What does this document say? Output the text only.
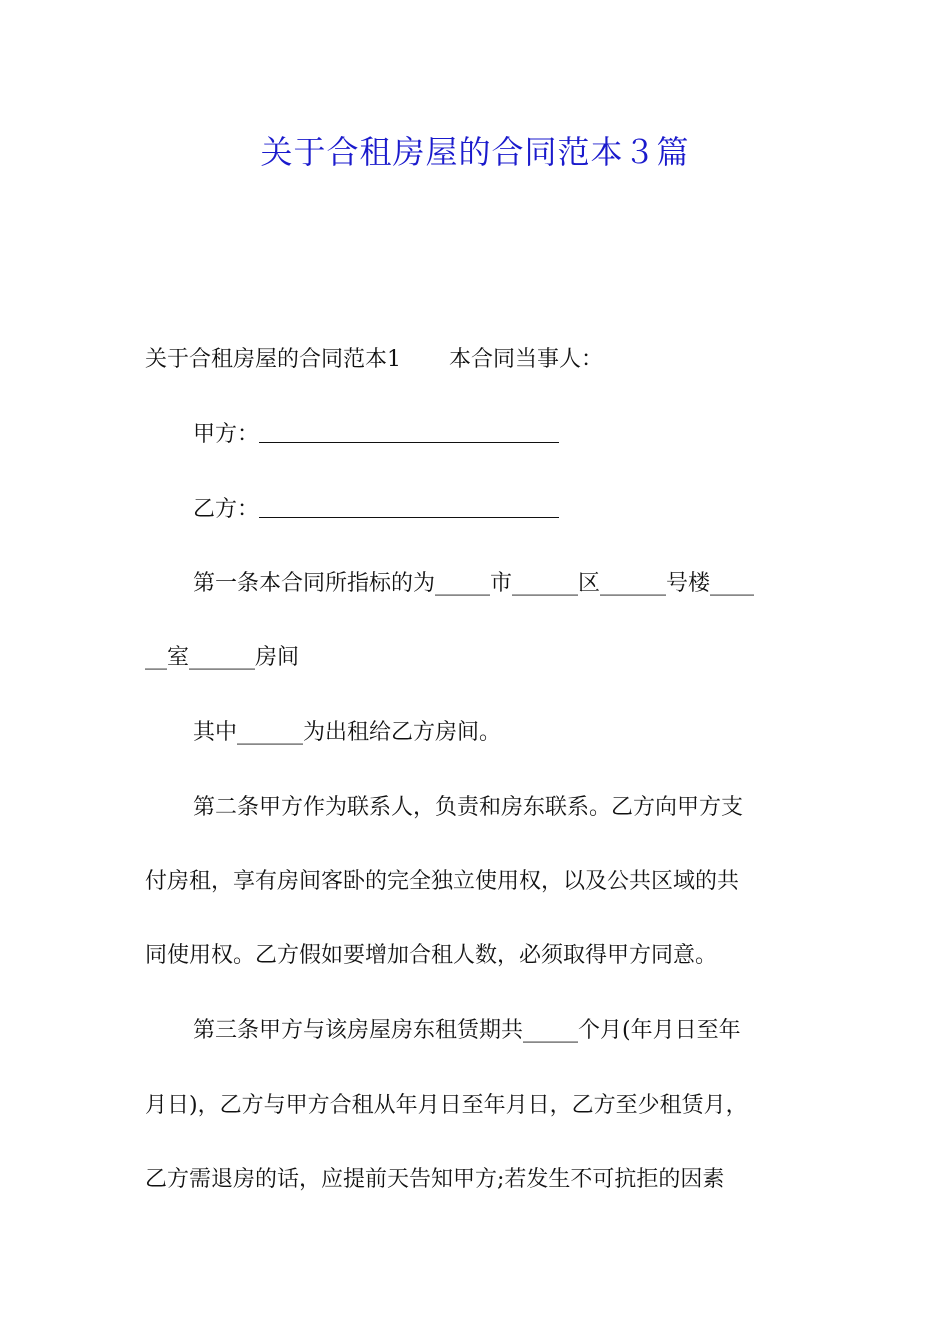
关于合租房屋的合同范本３篇
关于合租房屋的合同范本1 本合同当事人：
甲方：
乙方：
第一条本合同所指标的为_____市______区______号楼____
__室______房间
其中______为出租给乙方房间。
第二条甲方作为联系人，负责和房东联系。乙方向甲方支
付房租，享有房间客卧的完全独立使用权，以及公共区域的共
同使用权。乙方假如要增加合租人数，必须取得甲方同意。
第三条甲方与该房屋房东租赁期共_____个月(年月日至年
月日)，乙方与甲方合租从年月日至年月日，乙方至少租赁月，
乙方需退房的话，应提前天告知甲方;若发生不可抗拒的因素
